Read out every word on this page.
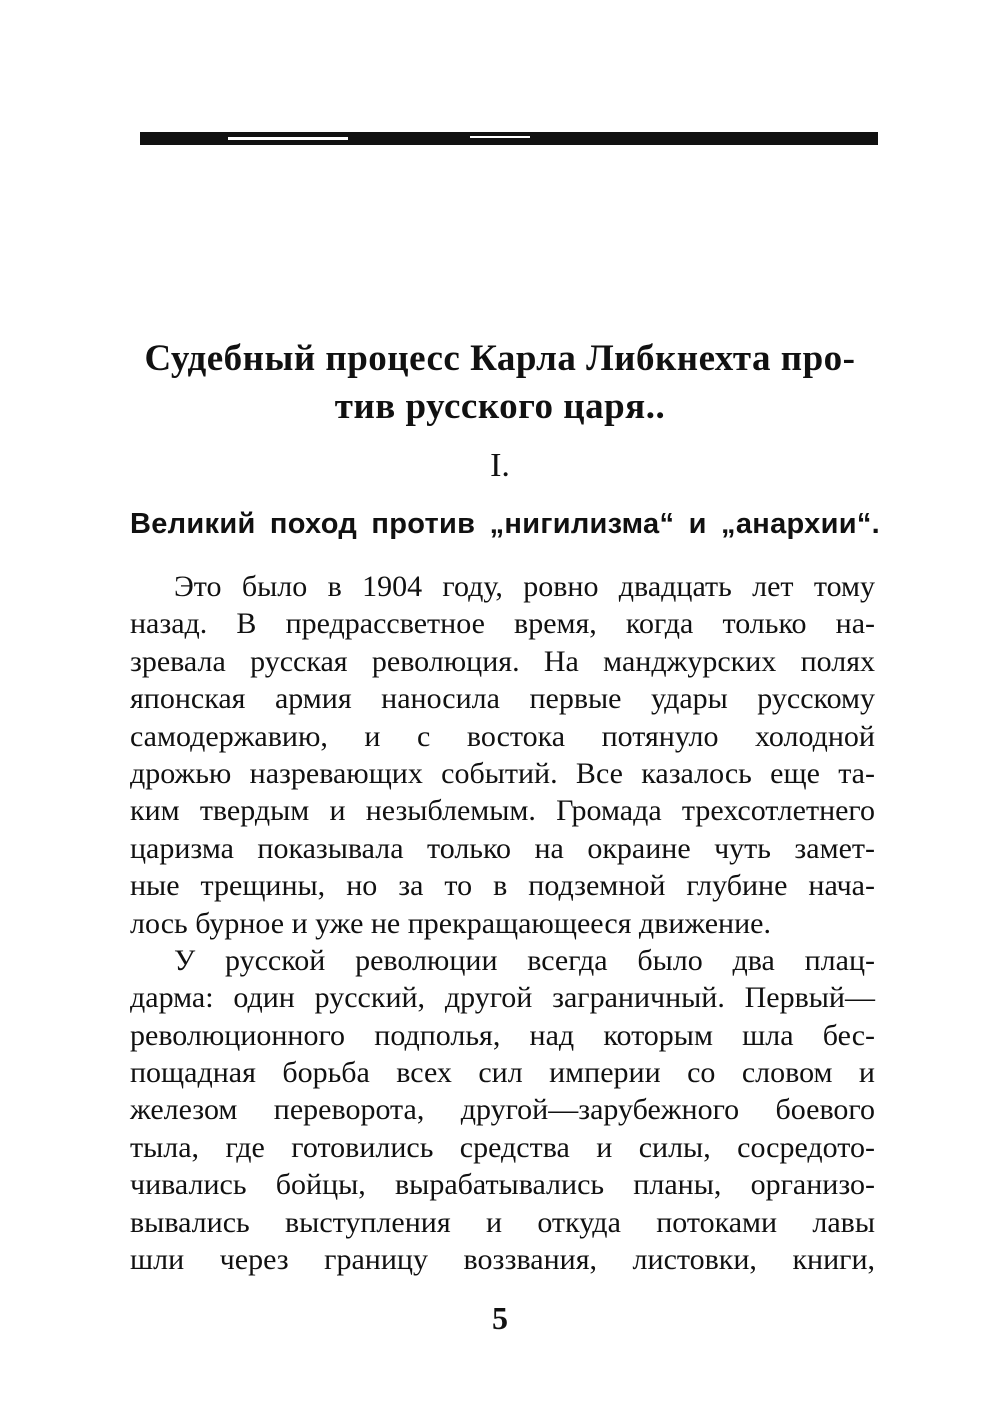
Судебный процесс Карла Либкнехта про-
тив русского царя..
I.
Великий поход против „нигилизма“ и „анархии“.
Это было в 1904 году, ровно двадцать лет тому
назад. В предрассветное время, когда только на-
зревала русская революция. На манджурских полях
японская армия наносила первые удары русскому
самодержавию, и с востока потянуло холодной
дрожью назревающих событий. Все казалось еще та-
ким твердым и незыблемым. Громада трехсотлетнего
царизма показывала только на окраине чуть замет-
ные трещины, но за то в подземной глубине нача-
лось бурное и уже не прекращающееся движение.
У русской революции всегда было два плац-
дарма: один русский, другой заграничный. Первый—
революционного подполья, над которым шла бес-
пощадная борьба всех сил империи со словом и
железом переворота, другой—зарубежного боевого
тыла, где готовились средства и силы, сосредото-
чивались бойцы, вырабатывались планы, организо-
вывались выступления и откуда потоками лавы
шли через границу воззвания, листовки, книги,
5
